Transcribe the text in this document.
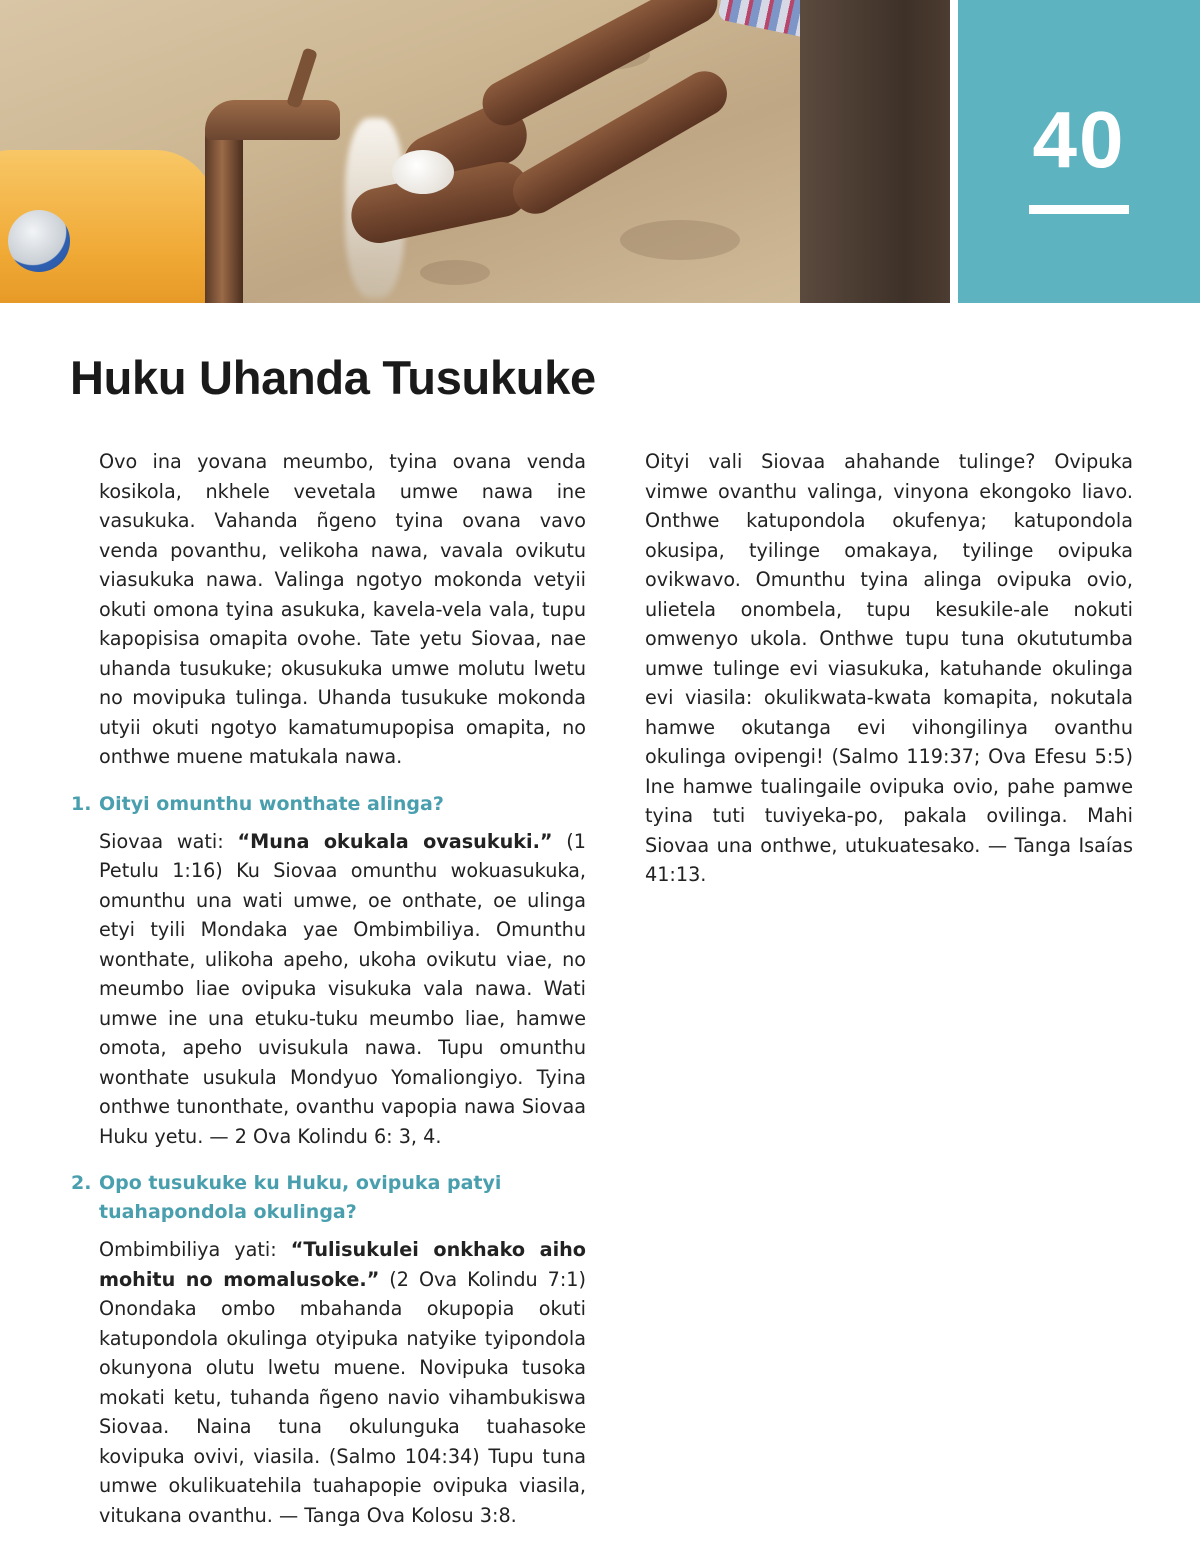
40
Huku Uhanda Tusukuke

Ovo ina yovana meumbo, tyina ovana venda kosikola, nkhele vevetala umwe nawa ine vasukuka. Vahanda ñgeno tyina ovana vavo venda povanthu, velikoha nawa, vavala ovikutu viasukuka nawa. Valinga ngotyo mokonda vetyii okuti omona tyina asukuka, kavela-vela vala, tupu kapopisisa omapita ovohe. Tate yetu Siovaa, nae uhanda tusukuke; okusukuka umwe molutu lwetu no movipuka tulinga. Uhanda tusukuke mokonda utyii okuti ngotyo kamatumupopisa omapita, no onthwe muene matukala nawa.

1. Oityi omunthu wonthate alinga?

Siovaa wati: “Muna okukala ovasukuki.” (1 Petulu 1:16) Ku Siovaa omunthu wokuasukuka, omunthu una wati umwe, oe onthate, oe ulinga etyi tyili Mondaka yae Ombimbiliya. Omunthu wonthate, ulikoha apeho, ukoha ovikutu viae, no meumbo liae ovipuka visukuka vala nawa. Wati umwe ine una etuku-tuku meumbo liae, hamwe omota, apeho uvisukula nawa. Tupu omunthu wonthate usukula Mondyuo Yomaliongiyo. Tyina onthwe tunonthate, ovanthu vapopia nawa Siovaa Huku yetu. — 2 Ova Kolindu 6: 3, 4.

2. Opo tusukuke ku Huku, ovipuka patyi tuahapondola okulinga?

Ombimbiliya yati: “Tulisukulei onkhako aiho mohitu no momalusoke.” (2 Ova Kolindu 7:1) Onondaka ombo mbahanda okupopia okuti katupondola okulinga otyipuka natyike tyipondola okunyona olutu lwetu muene. Novipuka tusoka mokati ketu, tuhanda ñgeno navio vihambukiswa Siovaa. Naina tuna okulunguka tuahasoke kovipuka ovivi, viasila. (Salmo 104:34) Tupu tuna umwe okulikuatehila tuahapopie ovipuka viasila, vitukana ovanthu. — Tanga Ova Kolosu 3:8.

Oityi vali Siovaa ahahande tulinge? Ovipuka vimwe ovanthu valinga, vinyona ekongoko liavo. Onthwe katupondola okufenya; katupondola okusipa, tyilinge omakaya, tyilinge ovipuka ovikwavo. Omunthu tyina alinga ovipuka ovio, ulietela onombela, tupu kesukile-ale nokuti omwenyo ukola. Onthwe tupu tuna okututumba umwe tulinge evi viasukuka, katuhande okulinga evi viasila: okulikwata-kwata komapita, nokutala hamwe okutanga evi vihongilinya ovanthu okulinga ovipengi! (Salmo 119:37; Ova Efesu 5:5) Ine hamwe tualingaile ovipuka ovio, pahe pamwe tyina tuti tuviyeka-po, pakala ovilinga. Mahi Siovaa una onthwe, utukuatesako. — Tanga Isaías 41:13.
